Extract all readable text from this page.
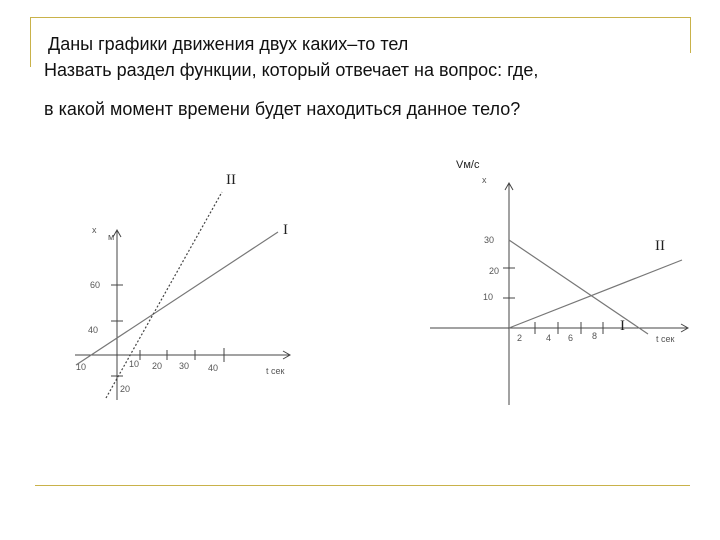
Даны графики движения двух каких–то тел
Назвать раздел функции, который отвечает на вопрос: где,
в какой момент времени будет находиться данное тело?
x
м
t сек
10	10 20 30 40
60
40
20
II
I
Vм/с
x
t сек
30
20
10
2	4 6 8
II
I
